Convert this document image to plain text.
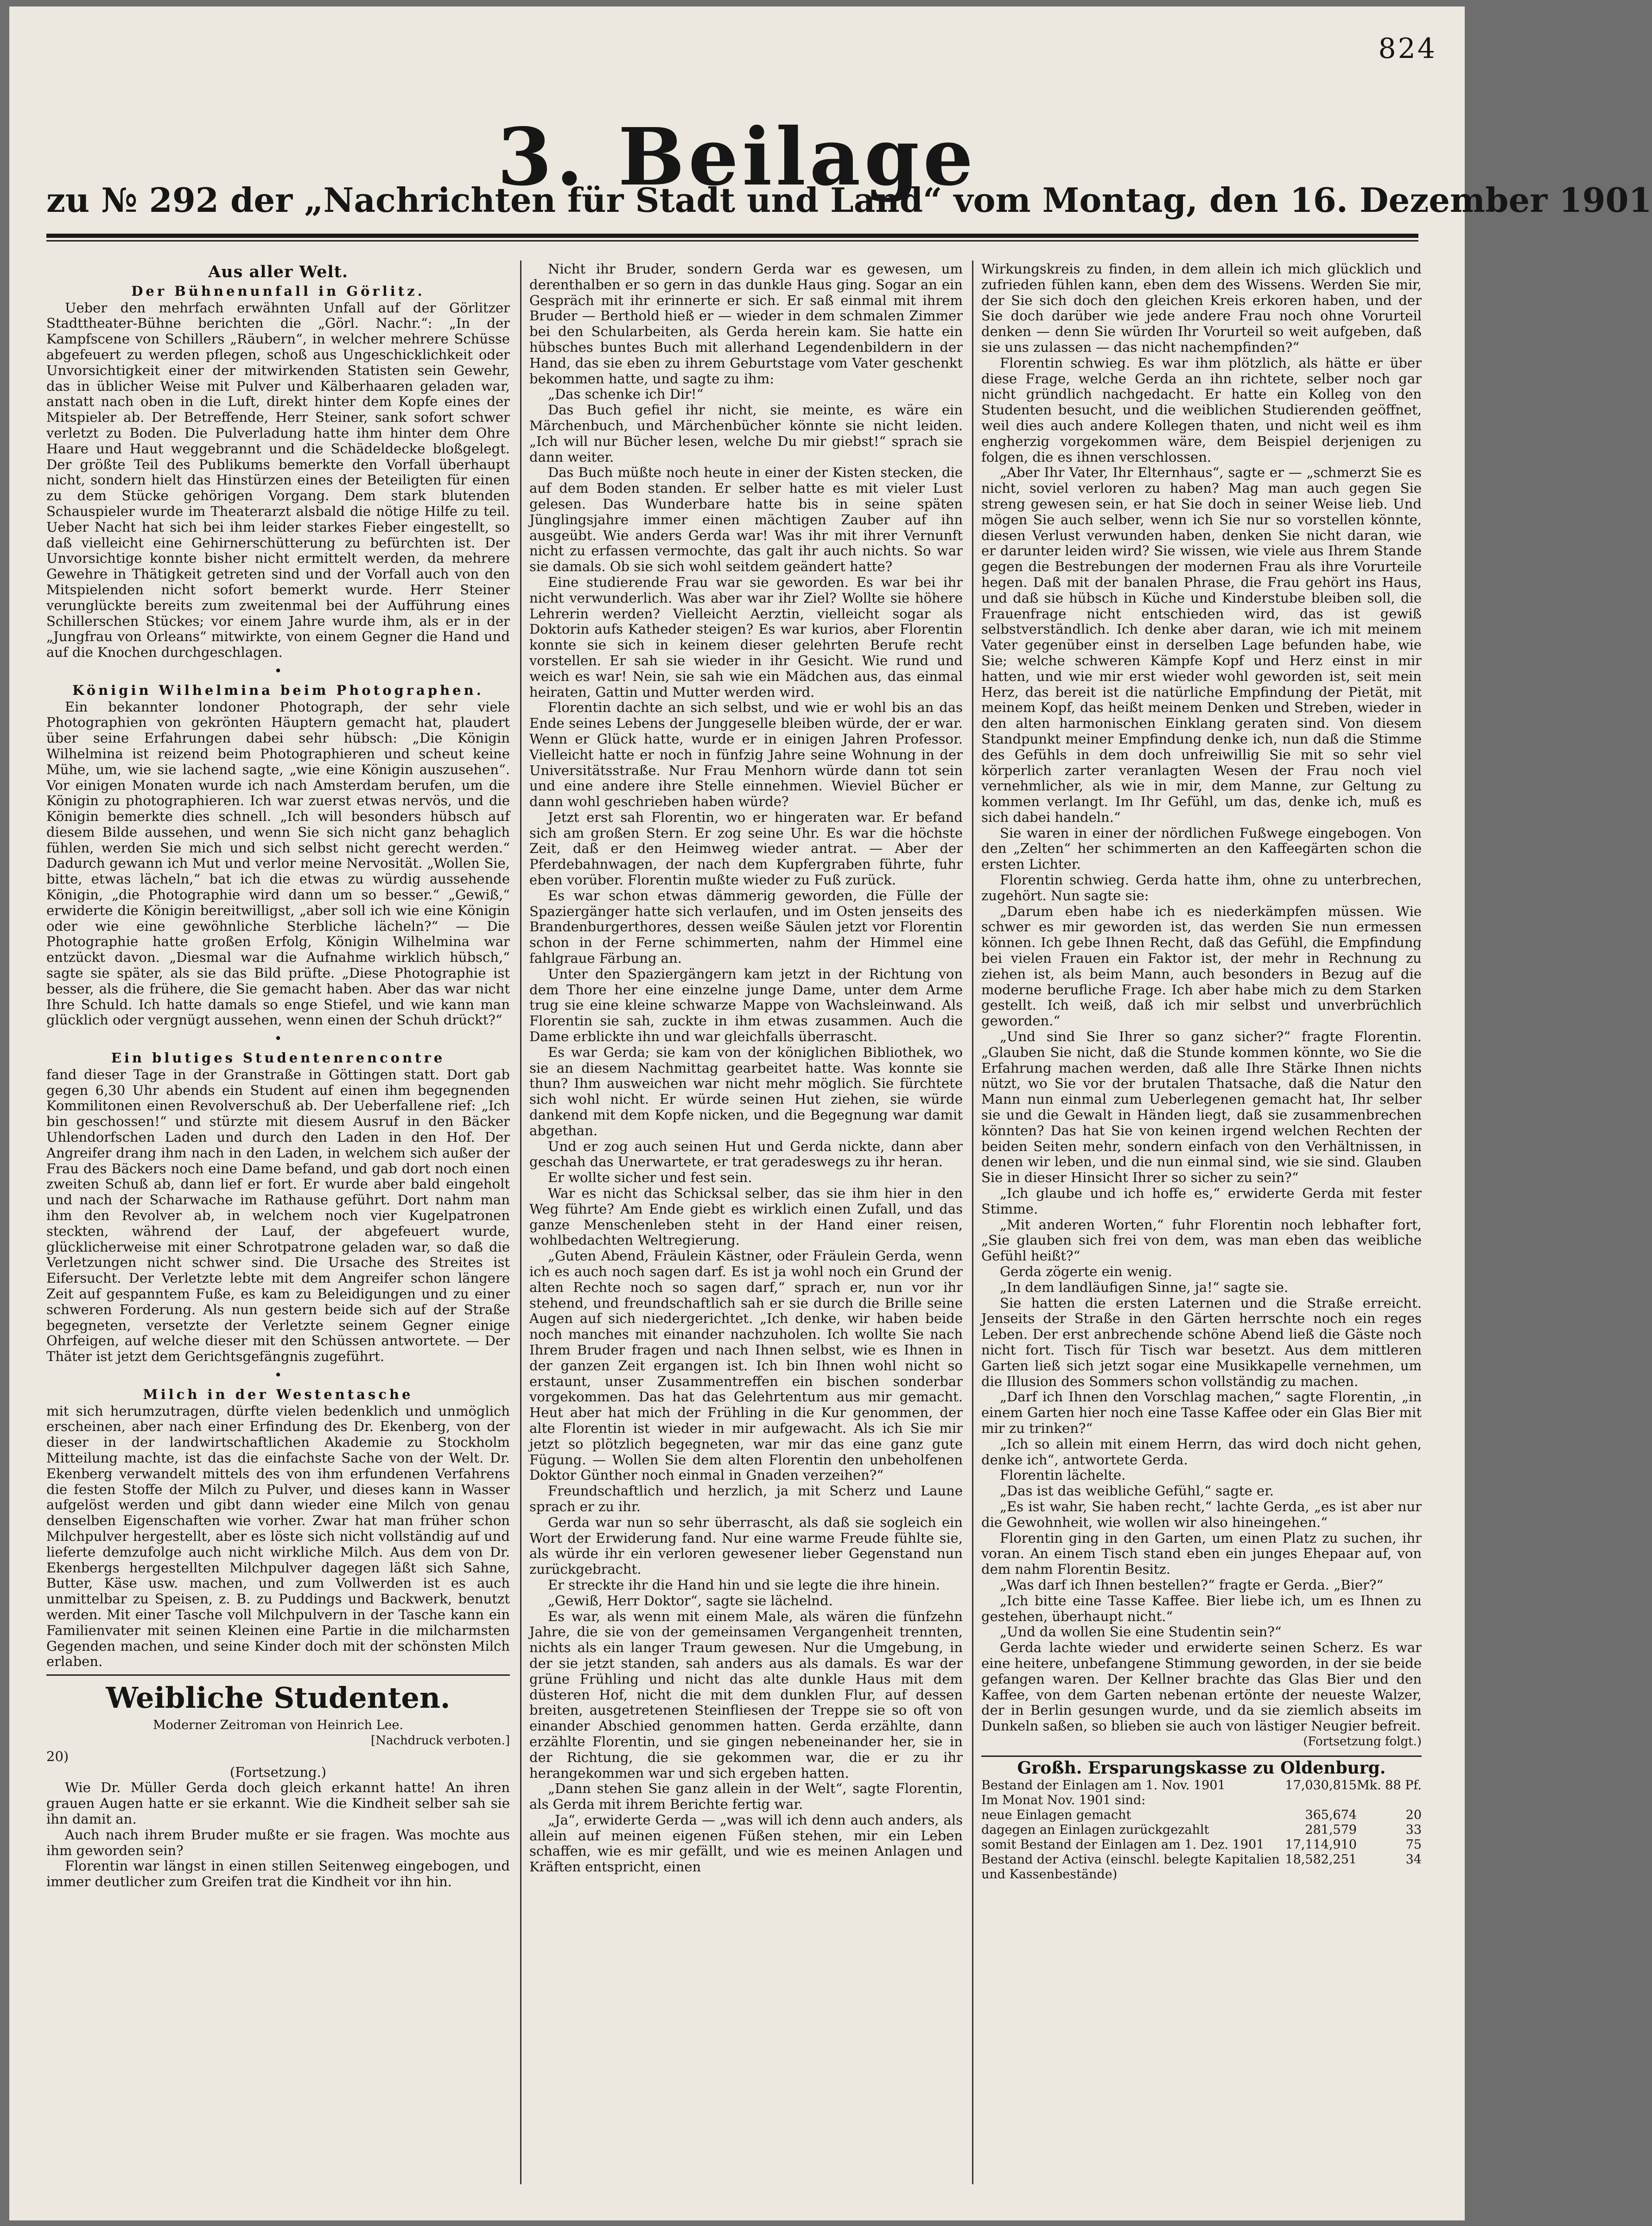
824
3. Beilage
zu № 292 der „Nachrichten für Stadt und Land“ vom Montag, den 16. Dezember 1901

Aus aller Welt.

Der Bühnenunfall in Görlitz.

Ueber den mehrfach erwähnten Unfall auf der Görlitzer Stadttheater-Bühne berichten die „Görl. Nachr.“: „In der Kampfscene von Schillers „Räubern“, in welcher mehrere Schüsse abgefeuert zu werden pflegen, schoß aus Ungeschicklichkeit oder Unvorsichtigkeit einer der mitwirkenden Statisten sein Gewehr, das in üblicher Weise mit Pulver und Kälberhaaren geladen war, anstatt nach oben in die Luft, direkt hinter dem Kopfe eines der Mitspieler ab. Der Betreffende, Herr Steiner, sank sofort schwer verletzt zu Boden. Die Pulverladung hatte ihm hinter dem Ohre Haare und Haut weggebrannt und die Schädeldecke bloßgelegt. Der größte Teil des Publikums bemerkte den Vorfall überhaupt nicht, sondern hielt das Hinstürzen eines der Beteiligten für einen zu dem Stücke gehörigen Vorgang. Dem stark blutenden Schauspieler wurde im Theaterarzt alsbald die nötige Hilfe zu teil. Ueber Nacht hat sich bei ihm leider starkes Fieber eingestellt, so daß vielleicht eine Gehirnerschütterung zu befürchten ist. Der Unvorsichtige konnte bisher nicht ermittelt werden, da mehrere Gewehre in Thätigkeit getreten sind und der Vorfall auch von den Mitspielenden nicht sofort bemerkt wurde. Herr Steiner verunglückte bereits zum zweitenmal bei der Aufführung eines Schillerschen Stückes; vor einem Jahre wurde ihm, als er in der „Jungfrau von Orleans“ mitwirkte, von einem Gegner die Hand und auf die Knochen durchgeschlagen.

•

Königin Wilhelmina beim Photographen.

Ein bekannter londoner Photograph, der sehr viele Photographien von gekrönten Häuptern gemacht hat, plaudert über seine Erfahrungen dabei sehr hübsch: „Die Königin Wilhelmina ist reizend beim Photographieren und scheut keine Mühe, um, wie sie lachend sagte, „wie eine Königin auszusehen“. Vor einigen Monaten wurde ich nach Amsterdam berufen, um die Königin zu photographieren. Ich war zuerst etwas nervös, und die Königin bemerkte dies schnell. „Ich will besonders hübsch auf diesem Bilde aussehen, und wenn Sie sich nicht ganz behaglich fühlen, werden Sie mich und sich selbst nicht gerecht werden.“ Dadurch gewann ich Mut und verlor meine Nervosität. „Wollen Sie, bitte, etwas lächeln,“ bat ich die etwas zu würdig aussehende Königin, „die Photographie wird dann um so besser.“ „Gewiß,“ erwiderte die Königin bereitwilligst, „aber soll ich wie eine Königin oder wie eine gewöhnliche Sterbliche lächeln?“ — Die Photographie hatte großen Erfolg, Königin Wilhelmina war entzückt davon. „Diesmal war die Aufnahme wirklich hübsch,“ sagte sie später, als sie das Bild prüfte. „Diese Photographie ist besser, als die frühere, die Sie gemacht haben. Aber das war nicht Ihre Schuld. Ich hatte damals so enge Stiefel, und wie kann man glücklich oder vergnügt aussehen, wenn einen der Schuh drückt?“

•

Ein blutiges Studentenrencontre

fand dieser Tage in der Granstraße in Göttingen statt. Dort gab gegen 6,30 Uhr abends ein Student auf einen ihm begegnenden Kommilitonen einen Revolverschuß ab. Der Ueberfallene rief: „Ich bin geschossen!“ und stürzte mit diesem Ausruf in den Bäcker Uhlendorfschen Laden und durch den Laden in den Hof. Der Angreifer drang ihm nach in den Laden, in welchem sich außer der Frau des Bäckers noch eine Dame befand, und gab dort noch einen zweiten Schuß ab, dann lief er fort. Er wurde aber bald eingeholt und nach der Scharwache im Rathause geführt. Dort nahm man ihm den Revolver ab, in welchem noch vier Kugelpatronen steckten, während der Lauf, der abgefeuert wurde, glücklicherweise mit einer Schrotpatrone geladen war, so daß die Verletzungen nicht schwer sind. Die Ursache des Streites ist Eifersucht. Der Verletzte lebte mit dem Angreifer schon längere Zeit auf gespanntem Fuße, es kam zu Beleidigungen und zu einer schweren Forderung. Als nun gestern beide sich auf der Straße begegneten, versetzte der Verletzte seinem Gegner einige Ohrfeigen, auf welche dieser mit den Schüssen antwortete. — Der Thäter ist jetzt dem Gerichtsgefängnis zugeführt.

•

Milch in der Westentasche

mit sich herumzutragen, dürfte vielen bedenklich und unmöglich erscheinen, aber nach einer Erfindung des Dr. Ekenberg, von der dieser in der landwirtschaftlichen Akademie zu Stockholm Mitteilung machte, ist das die einfachste Sache von der Welt. Dr. Ekenberg verwandelt mittels des von ihm erfundenen Verfahrens die festen Stoffe der Milch zu Pulver, und dieses kann in Wasser aufgelöst werden und gibt dann wieder eine Milch von genau denselben Eigenschaften wie vorher. Zwar hat man früher schon Milchpulver hergestellt, aber es löste sich nicht vollständig auf und lieferte demzufolge auch nicht wirkliche Milch. Aus dem von Dr. Ekenbergs hergestellten Milchpulver dagegen läßt sich Sahne, Butter, Käse usw. machen, und zum Vollwerden ist es auch unmittelbar zu Speisen, z. B. zu Puddings und Backwerk, benutzt werden. Mit einer Tasche voll Milchpulvern in der Tasche kann ein Familienvater mit seinen Kleinen eine Partie in die milcharmsten Gegenden machen, und seine Kinder doch mit der schönsten Milch erlaben.

Weibliche Studenten.

Moderner Zeitroman von Heinrich Lee.

[Nachdruck verboten.]

20)

(Fortsetzung.)

Wie Dr. Müller Gerda doch gleich erkannt hatte! An ihren grauen Augen hatte er sie erkannt. Wie die Kindheit selber sah sie ihn damit an.

Auch nach ihrem Bruder mußte er sie fragen. Was mochte aus ihm geworden sein?

Florentin war längst in einen stillen Seitenweg eingebogen, und immer deutlicher zum Greifen trat die Kindheit vor ihn hin.

Nicht ihr Bruder, sondern Gerda war es gewesen, um derenthalben er so gern in das dunkle Haus ging. Sogar an ein Gespräch mit ihr erinnerte er sich. Er saß einmal mit ihrem Bruder — Berthold hieß er — wieder in dem schmalen Zimmer bei den Schularbeiten, als Gerda herein kam. Sie hatte ein hübsches buntes Buch mit allerhand Legendenbildern in der Hand, das sie eben zu ihrem Geburtstage vom Vater geschenkt bekommen hatte, und sagte zu ihm:

„Das schenke ich Dir!“

Das Buch gefiel ihr nicht, sie meinte, es wäre ein Märchenbuch, und Märchenbücher könnte sie nicht leiden. „Ich will nur Bücher lesen, welche Du mir giebst!“ sprach sie dann weiter.

Das Buch müßte noch heute in einer der Kisten stecken, die auf dem Boden standen. Er selber hatte es mit vieler Lust gelesen. Das Wunderbare hatte bis in seine späten Jünglingsjahre immer einen mächtigen Zauber auf ihn ausgeübt. Wie anders Gerda war! Was ihr mit ihrer Vernunft nicht zu erfassen vermochte, das galt ihr auch nichts. So war sie damals. Ob sie sich wohl seitdem geändert hatte?

Eine studierende Frau war sie geworden. Es war bei ihr nicht verwunderlich. Was aber war ihr Ziel? Wollte sie höhere Lehrerin werden? Vielleicht Aerztin, vielleicht sogar als Doktorin aufs Katheder steigen? Es war kurios, aber Florentin konnte sie sich in keinem dieser gelehrten Berufe recht vorstellen. Er sah sie wieder in ihr Gesicht. Wie rund und weich es war! Nein, sie sah wie ein Mädchen aus, das einmal heiraten, Gattin und Mutter werden wird.

Florentin dachte an sich selbst, und wie er wohl bis an das Ende seines Lebens der Junggeselle bleiben würde, der er war. Wenn er Glück hatte, wurde er in einigen Jahren Professor. Vielleicht hatte er noch in fünfzig Jahre seine Wohnung in der Universitätsstraße. Nur Frau Menhorn würde dann tot sein und eine andere ihre Stelle einnehmen. Wieviel Bücher er dann wohl geschrieben haben würde?

Jetzt erst sah Florentin, wo er hingeraten war. Er befand sich am großen Stern. Er zog seine Uhr. Es war die höchste Zeit, daß er den Heimweg wieder antrat. — Aber der Pferdebahnwagen, der nach dem Kupfergraben führte, fuhr eben vorüber. Florentin mußte wieder zu Fuß zurück.

Es war schon etwas dämmerig geworden, die Fülle der Spaziergänger hatte sich verlaufen, und im Osten jenseits des Brandenburgerthores, dessen weiße Säulen jetzt vor Florentin schon in der Ferne schimmerten, nahm der Himmel eine fahlgraue Färbung an.

Unter den Spaziergängern kam jetzt in der Richtung von dem Thore her eine einzelne junge Dame, unter dem Arme trug sie eine kleine schwarze Mappe von Wachsleinwand. Als Florentin sie sah, zuckte in ihm etwas zusammen. Auch die Dame erblickte ihn und war gleichfalls überrascht.

Es war Gerda; sie kam von der königlichen Bibliothek, wo sie an diesem Nachmittag gearbeitet hatte. Was konnte sie thun? Ihm ausweichen war nicht mehr möglich. Sie fürchtete sich wohl nicht. Er würde seinen Hut ziehen, sie würde dankend mit dem Kopfe nicken, und die Begegnung war damit abgethan.

Und er zog auch seinen Hut und Gerda nickte, dann aber geschah das Unerwartete, er trat geradeswegs zu ihr heran.

Er wollte sicher und fest sein.

War es nicht das Schicksal selber, das sie ihm hier in den Weg führte? Am Ende giebt es wirklich einen Zufall, und das ganze Menschenleben steht in der Hand einer reisen, wohlbedachten Weltregierung.

„Guten Abend, Fräulein Kästner, oder Fräulein Gerda, wenn ich es auch noch sagen darf. Es ist ja wohl noch ein Grund der alten Rechte noch so sagen darf,“ sprach er, nun vor ihr stehend, und freundschaftlich sah er sie durch die Brille seine Augen auf sich niedergerichtet. „Ich denke, wir haben beide noch manches mit einander nachzuholen. Ich wollte Sie nach Ihrem Bruder fragen und nach Ihnen selbst, wie es Ihnen in der ganzen Zeit ergangen ist. Ich bin Ihnen wohl nicht so erstaunt, unser Zusammentreffen ein bischen sonderbar vorgekommen. Das hat das Gelehrtentum aus mir gemacht. Heut aber hat mich der Frühling in die Kur genommen, der alte Florentin ist wieder in mir aufgewacht. Als ich Sie mir jetzt so plötzlich begegneten, war mir das eine ganz gute Fügung. — Wollen Sie dem alten Florentin den unbeholfenen Doktor Günther noch einmal in Gnaden verzeihen?“

Freundschaftlich und herzlich, ja mit Scherz und Laune sprach er zu ihr.

Gerda war nun so sehr überrascht, als daß sie sogleich ein Wort der Erwiderung fand. Nur eine warme Freude fühlte sie, als würde ihr ein verloren gewesener lieber Gegenstand nun zurückgebracht.

Er streckte ihr die Hand hin und sie legte die ihre hinein.

„Gewiß, Herr Doktor“, sagte sie lächelnd.

Es war, als wenn mit einem Male, als wären die fünfzehn Jahre, die sie von der gemeinsamen Vergangenheit trennten, nichts als ein langer Traum gewesen. Nur die Umgebung, in der sie jetzt standen, sah anders aus als damals. Es war der grüne Frühling und nicht das alte dunkle Haus mit dem düsteren Hof, nicht die mit dem dunklen Flur, auf dessen breiten, ausgetretenen Steinfliesen der Treppe sie so oft von einander Abschied genommen hatten. Gerda erzählte, dann erzählte Florentin, und sie gingen nebeneinander her, sie in der Richtung, die sie gekommen war, die er zu ihr herangekommen war und sich ergeben hatten.

„Dann stehen Sie ganz allein in der Welt“, sagte Florentin, als Gerda mit ihrem Berichte fertig war.

„Ja“, erwiderte Gerda — „was will ich denn auch anders, als allein auf meinen eigenen Füßen stehen, mir ein Leben schaffen, wie es mir gefällt, und wie es meinen Anlagen und Kräften entspricht, einen

Wirkungskreis zu finden, in dem allein ich mich glücklich und zufrieden fühlen kann, eben dem des Wissens. Werden Sie mir, der Sie sich doch den gleichen Kreis erkoren haben, und der Sie doch darüber wie jede andere Frau noch ohne Vorurteil denken — denn Sie würden Ihr Vorurteil so weit aufgeben, daß sie uns zulassen — das nicht nachempfinden?“

Florentin schwieg. Es war ihm plötzlich, als hätte er über diese Frage, welche Gerda an ihn richtete, selber noch gar nicht gründlich nachgedacht. Er hatte ein Kolleg von den Studenten besucht, und die weiblichen Studierenden geöffnet, weil dies auch andere Kollegen thaten, und nicht weil es ihm engherzig vorgekommen wäre, dem Beispiel derjenigen zu folgen, die es ihnen verschlossen.

„Aber Ihr Vater, Ihr Elternhaus“, sagte er — „schmerzt Sie es nicht, soviel verloren zu haben? Mag man auch gegen Sie streng gewesen sein, er hat Sie doch in seiner Weise lieb. Und mögen Sie auch selber, wenn ich Sie nur so vorstellen könnte, diesen Verlust verwunden haben, denken Sie nicht daran, wie er darunter leiden wird? Sie wissen, wie viele aus Ihrem Stande gegen die Bestrebungen der modernen Frau als ihre Vorurteile hegen. Daß mit der banalen Phrase, die Frau gehört ins Haus, und daß sie hübsch in Küche und Kinderstube bleiben soll, die Frauenfrage nicht entschieden wird, das ist gewiß selbstverständlich. Ich denke aber daran, wie ich mit meinem Vater gegenüber einst in derselben Lage befunden habe, wie Sie; welche schweren Kämpfe Kopf und Herz einst in mir hatten, und wie mir erst wieder wohl geworden ist, seit mein Herz, das bereit ist die natürliche Empfindung der Pietät, mit meinem Kopf, das heißt meinem Denken und Streben, wieder in den alten harmonischen Einklang geraten sind. Von diesem Standpunkt meiner Empfindung denke ich, nun daß die Stimme des Gefühls in dem doch unfreiwillig Sie mit so sehr viel körperlich zarter veranlagten Wesen der Frau noch viel vernehmlicher, als wie in mir, dem Manne, zur Geltung zu kommen verlangt. Im Ihr Gefühl, um das, denke ich, muß es sich dabei handeln.“

Sie waren in einer der nördlichen Fußwege eingebogen. Von den „Zelten“ her schimmerten an den Kaffeegärten schon die ersten Lichter.

Florentin schwieg. Gerda hatte ihm, ohne zu unterbrechen, zugehört. Nun sagte sie:

„Darum eben habe ich es niederkämpfen müssen. Wie schwer es mir geworden ist, das werden Sie nun ermessen können. Ich gebe Ihnen Recht, daß das Gefühl, die Empfindung bei vielen Frauen ein Faktor ist, der mehr in Rechnung zu ziehen ist, als beim Mann, auch besonders in Bezug auf die moderne berufliche Frage. Ich aber habe mich zu dem Starken gestellt. Ich weiß, daß ich mir selbst und unverbrüchlich geworden.“

„Und sind Sie Ihrer so ganz sicher?“ fragte Florentin. „Glauben Sie nicht, daß die Stunde kommen könnte, wo Sie die Erfahrung machen werden, daß alle Ihre Stärke Ihnen nichts nützt, wo Sie vor der brutalen Thatsache, daß die Natur den Mann nun einmal zum Ueberlegenen gemacht hat, Ihr selber sie und die Gewalt in Händen liegt, daß sie zusammenbrechen könnten? Das hat Sie von keinen irgend welchen Rechten der beiden Seiten mehr, sondern einfach von den Verhältnissen, in denen wir leben, und die nun einmal sind, wie sie sind. Glauben Sie in dieser Hinsicht Ihrer so sicher zu sein?“

„Ich glaube und ich hoffe es,“ erwiderte Gerda mit fester Stimme.

„Mit anderen Worten,“ fuhr Florentin noch lebhafter fort, „Sie glauben sich frei von dem, was man eben das weibliche Gefühl heißt?“

Gerda zögerte ein wenig.

„In dem landläufigen Sinne, ja!“ sagte sie.

Sie hatten die ersten Laternen und die Straße erreicht. Jenseits der Straße in den Gärten herrschte noch ein reges Leben. Der erst anbrechende schöne Abend ließ die Gäste noch nicht fort. Tisch für Tisch war besetzt. Aus dem mittleren Garten ließ sich jetzt sogar eine Musikkapelle vernehmen, um die Illusion des Sommers schon vollständig zu machen.

„Darf ich Ihnen den Vorschlag machen,“ sagte Florentin, „in einem Garten hier noch eine Tasse Kaffee oder ein Glas Bier mit mir zu trinken?“

„Ich so allein mit einem Herrn, das wird doch nicht gehen, denke ich“, antwortete Gerda.

Florentin lächelte.

„Das ist das weibliche Gefühl,“ sagte er.

„Es ist wahr, Sie haben recht,“ lachte Gerda, „es ist aber nur die Gewohnheit, wie wollen wir also hineingehen.“

Florentin ging in den Garten, um einen Platz zu suchen, ihr voran. An einem Tisch stand eben ein junges Ehepaar auf, von dem nahm Florentin Besitz.

„Was darf ich Ihnen bestellen?“ fragte er Gerda. „Bier?“

„Ich bitte eine Tasse Kaffee. Bier liebe ich, um es Ihnen zu gestehen, überhaupt nicht.“

„Und da wollen Sie eine Studentin sein?“

Gerda lachte wieder und erwiderte seinen Scherz. Es war eine heitere, unbefangene Stimmung geworden, in der sie beide gefangen waren. Der Kellner brachte das Glas Bier und den Kaffee, von dem Garten nebenan ertönte der neueste Walzer, der in Berlin gesungen wurde, und da sie ziemlich abseits im Dunkeln saßen, so blieben sie auch von lästiger Neugier befreit.

(Fortsetzung folgt.)

Großh. Ersparungskasse zu Oldenburg.

Bestand der Einlagen am 1. Nov. 1901	17,030,815	Mk. 88 Pf.
Im Monat Nov. 1901 sind:		
neue Einlagen gemacht	365,674	20
dagegen an Einlagen zurückgezahlt	281,579	33
somit Bestand der Einlagen am 1. Dez. 1901	17,114,910	75
Bestand der Activa (einschl. belegte Kapitalien und Kassenbestände)	18,582,251	34
